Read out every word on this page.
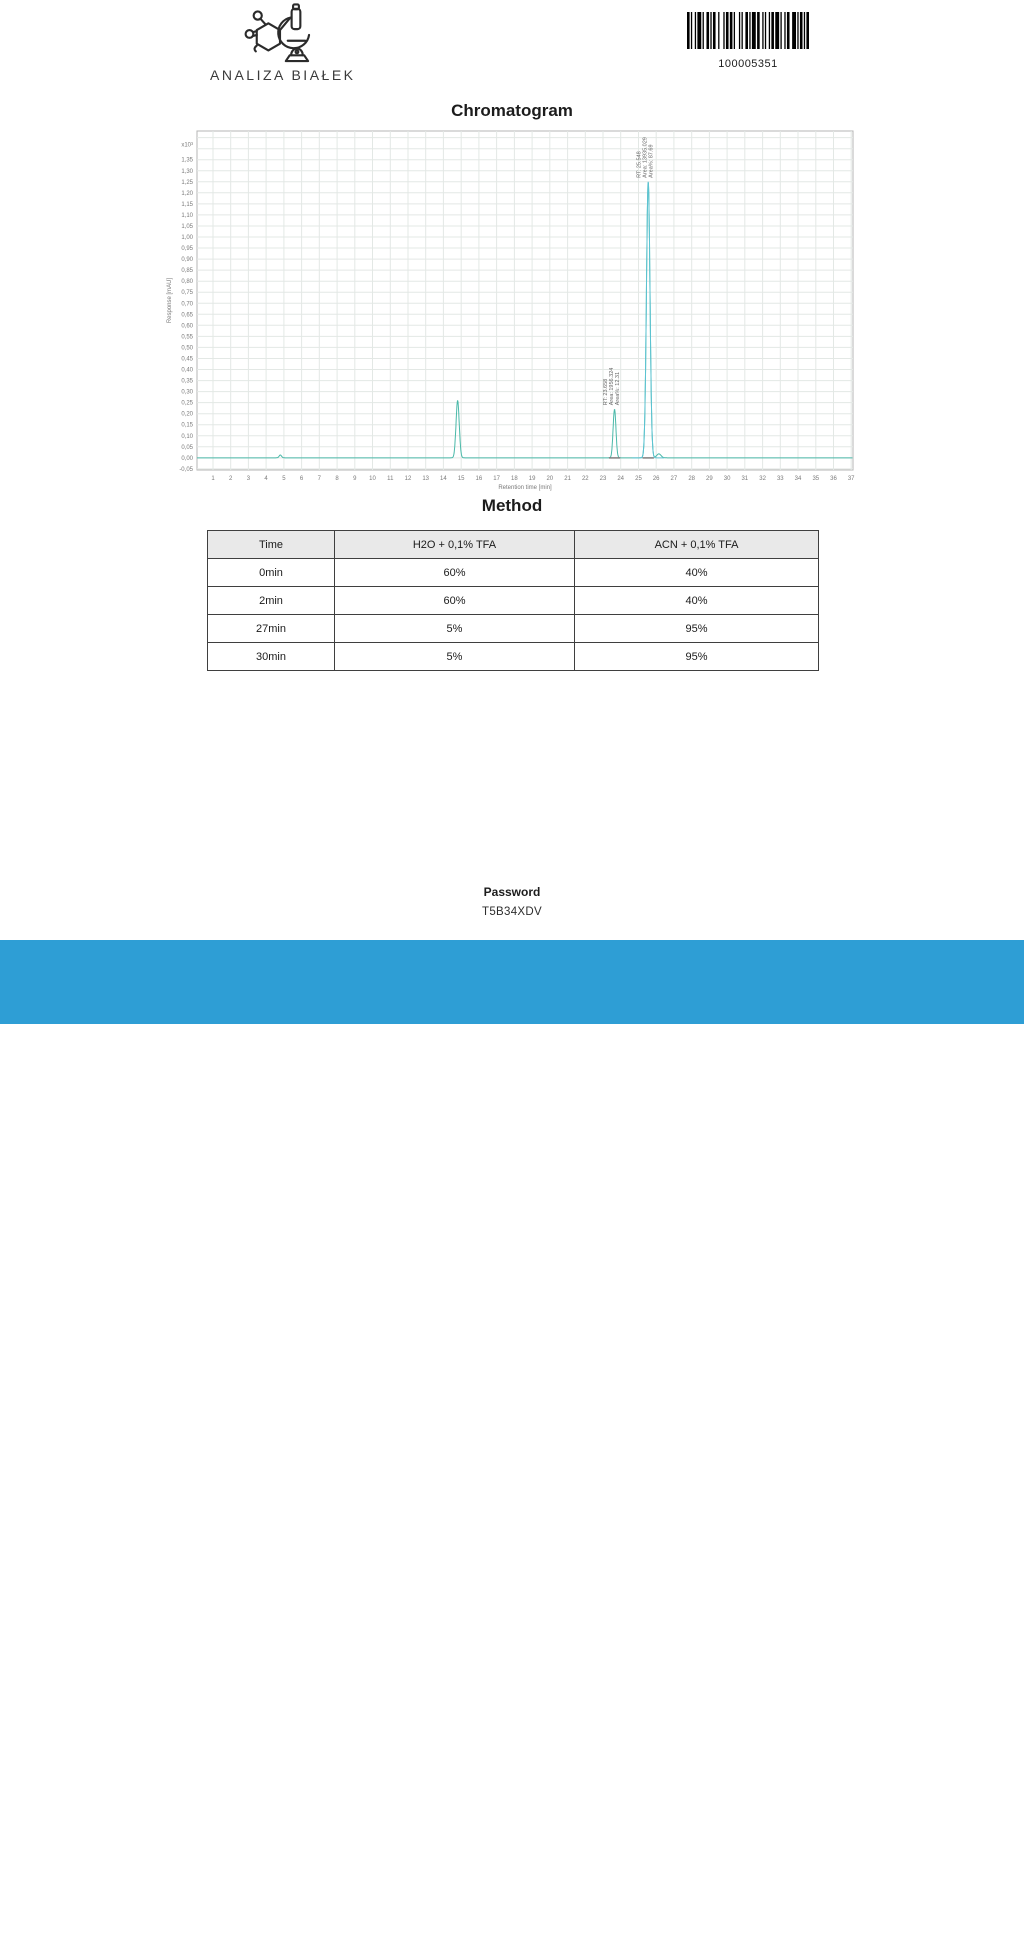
ANALIZA BIAŁEK
100005351
Chromatogram
-0,05
0,00
0,05
0,10
0,15
0,20
0,25
0,30
0,35
0,40
0,45
0,50
0,55
0,60
0,65
0,70
0,75
0,80
0,85
0,90
0,95
1,00
1,05
1,10
1,15
1,20
1,25
1,30
1,35
x10³
1 2 3 4 5 6 7 8 9 10 11 12 13 14 15 16 17 18 19 20 21 22 23 24 25 26 27 28 29 30 31 32 33 34 35 36 37
Retention time [min]
Response [mAU]
RT: 23.658 Area: 1956.324 Area%: 12.31
RT: 25.548 Area: 13935.029 Area%: 87.69
Method
Time	H2O + 0,1% TFA	ACN + 0,1% TFA
0min	60%	40%
2min	60%	40%
27min	5%	95%
30min	5%	95%
Password
T5B34XDV
Analiza Białek sp. z o.o.
KRS: 0000966168
NIP: 8992922970
REGON: 521751875
Headquarters and Laboratory:
ul. Duńska 9, 54-427 Wrocław
Budynek DELTA
Lab technician:
Analysis and research specialist
mgr Arkadiusz Zając
